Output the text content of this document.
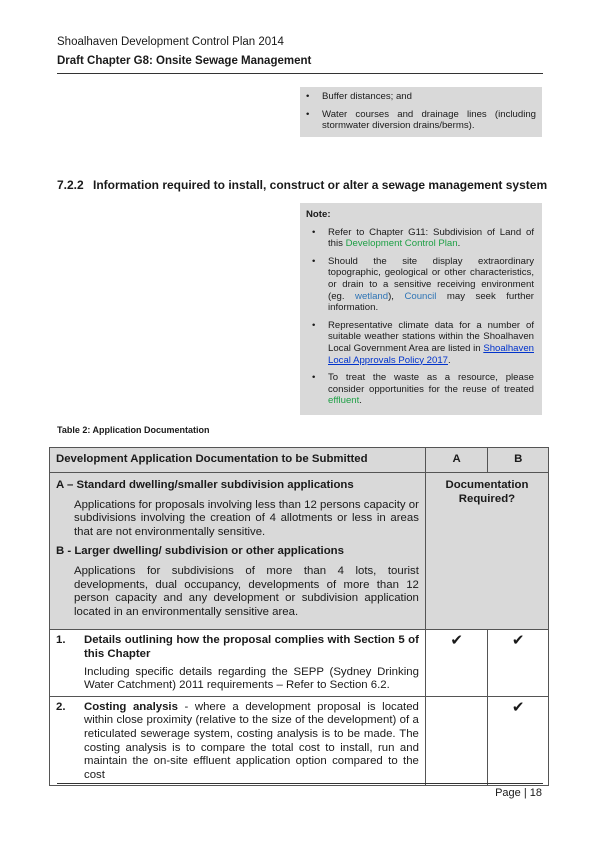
Shoalhaven Development Control Plan 2014
Draft Chapter G8: Onsite Sewage Management
• Buffer distances; and
• Water courses and drainage lines (including stormwater diversion drains/berms).
7.2.2 Information required to install, construct or alter a sewage management system
Note:
• Refer to Chapter G11: Subdivision of Land of this Development Control Plan.
• Should the site display extraordinary topographic, geological or other characteristics, or drain to a sensitive receiving environment (eg. wetland), Council may seek further information.
• Representative climate data for a number of suitable weather stations within the Shoalhaven Local Government Area are listed in Shoalhaven Local Approvals Policy 2017.
• To treat the waste as a resource, please consider opportunities for the reuse of treated effluent.
Table 2: Application Documentation
Development Application Documentation to be Submitted	A	B

A – Standard dwelling/smaller subdivision applications
Applications for proposals involving less than 12 persons capacity or subdivisions involving the creation of 4 allotments or less in areas that are not environmentally sensitive.
B - Larger dwelling/ subdivision or other applications
Applications for subdivisions of more than 4 lots, tourist developments, dual occupancy, developments of more than 12 person capacity and any development or subdivision application located in an environmentally sensitive area.	Documentation Required?	

1. Details outlining how the proposal complies with Section 5 of this Chapter
Including specific details regarding the SEPP (Sydney Drinking Water Catchment) 2011 requirements – Refer to Section 6.2.	✔	✔

2. Costing analysis - where a development proposal is located within close proximity (relative to the size of the development) of a reticulated sewerage system, costing analysis is to be made. The costing analysis is to compare the total cost to install, run and maintain the on-site effluent application option compared to the cost		✔
Page | 18
